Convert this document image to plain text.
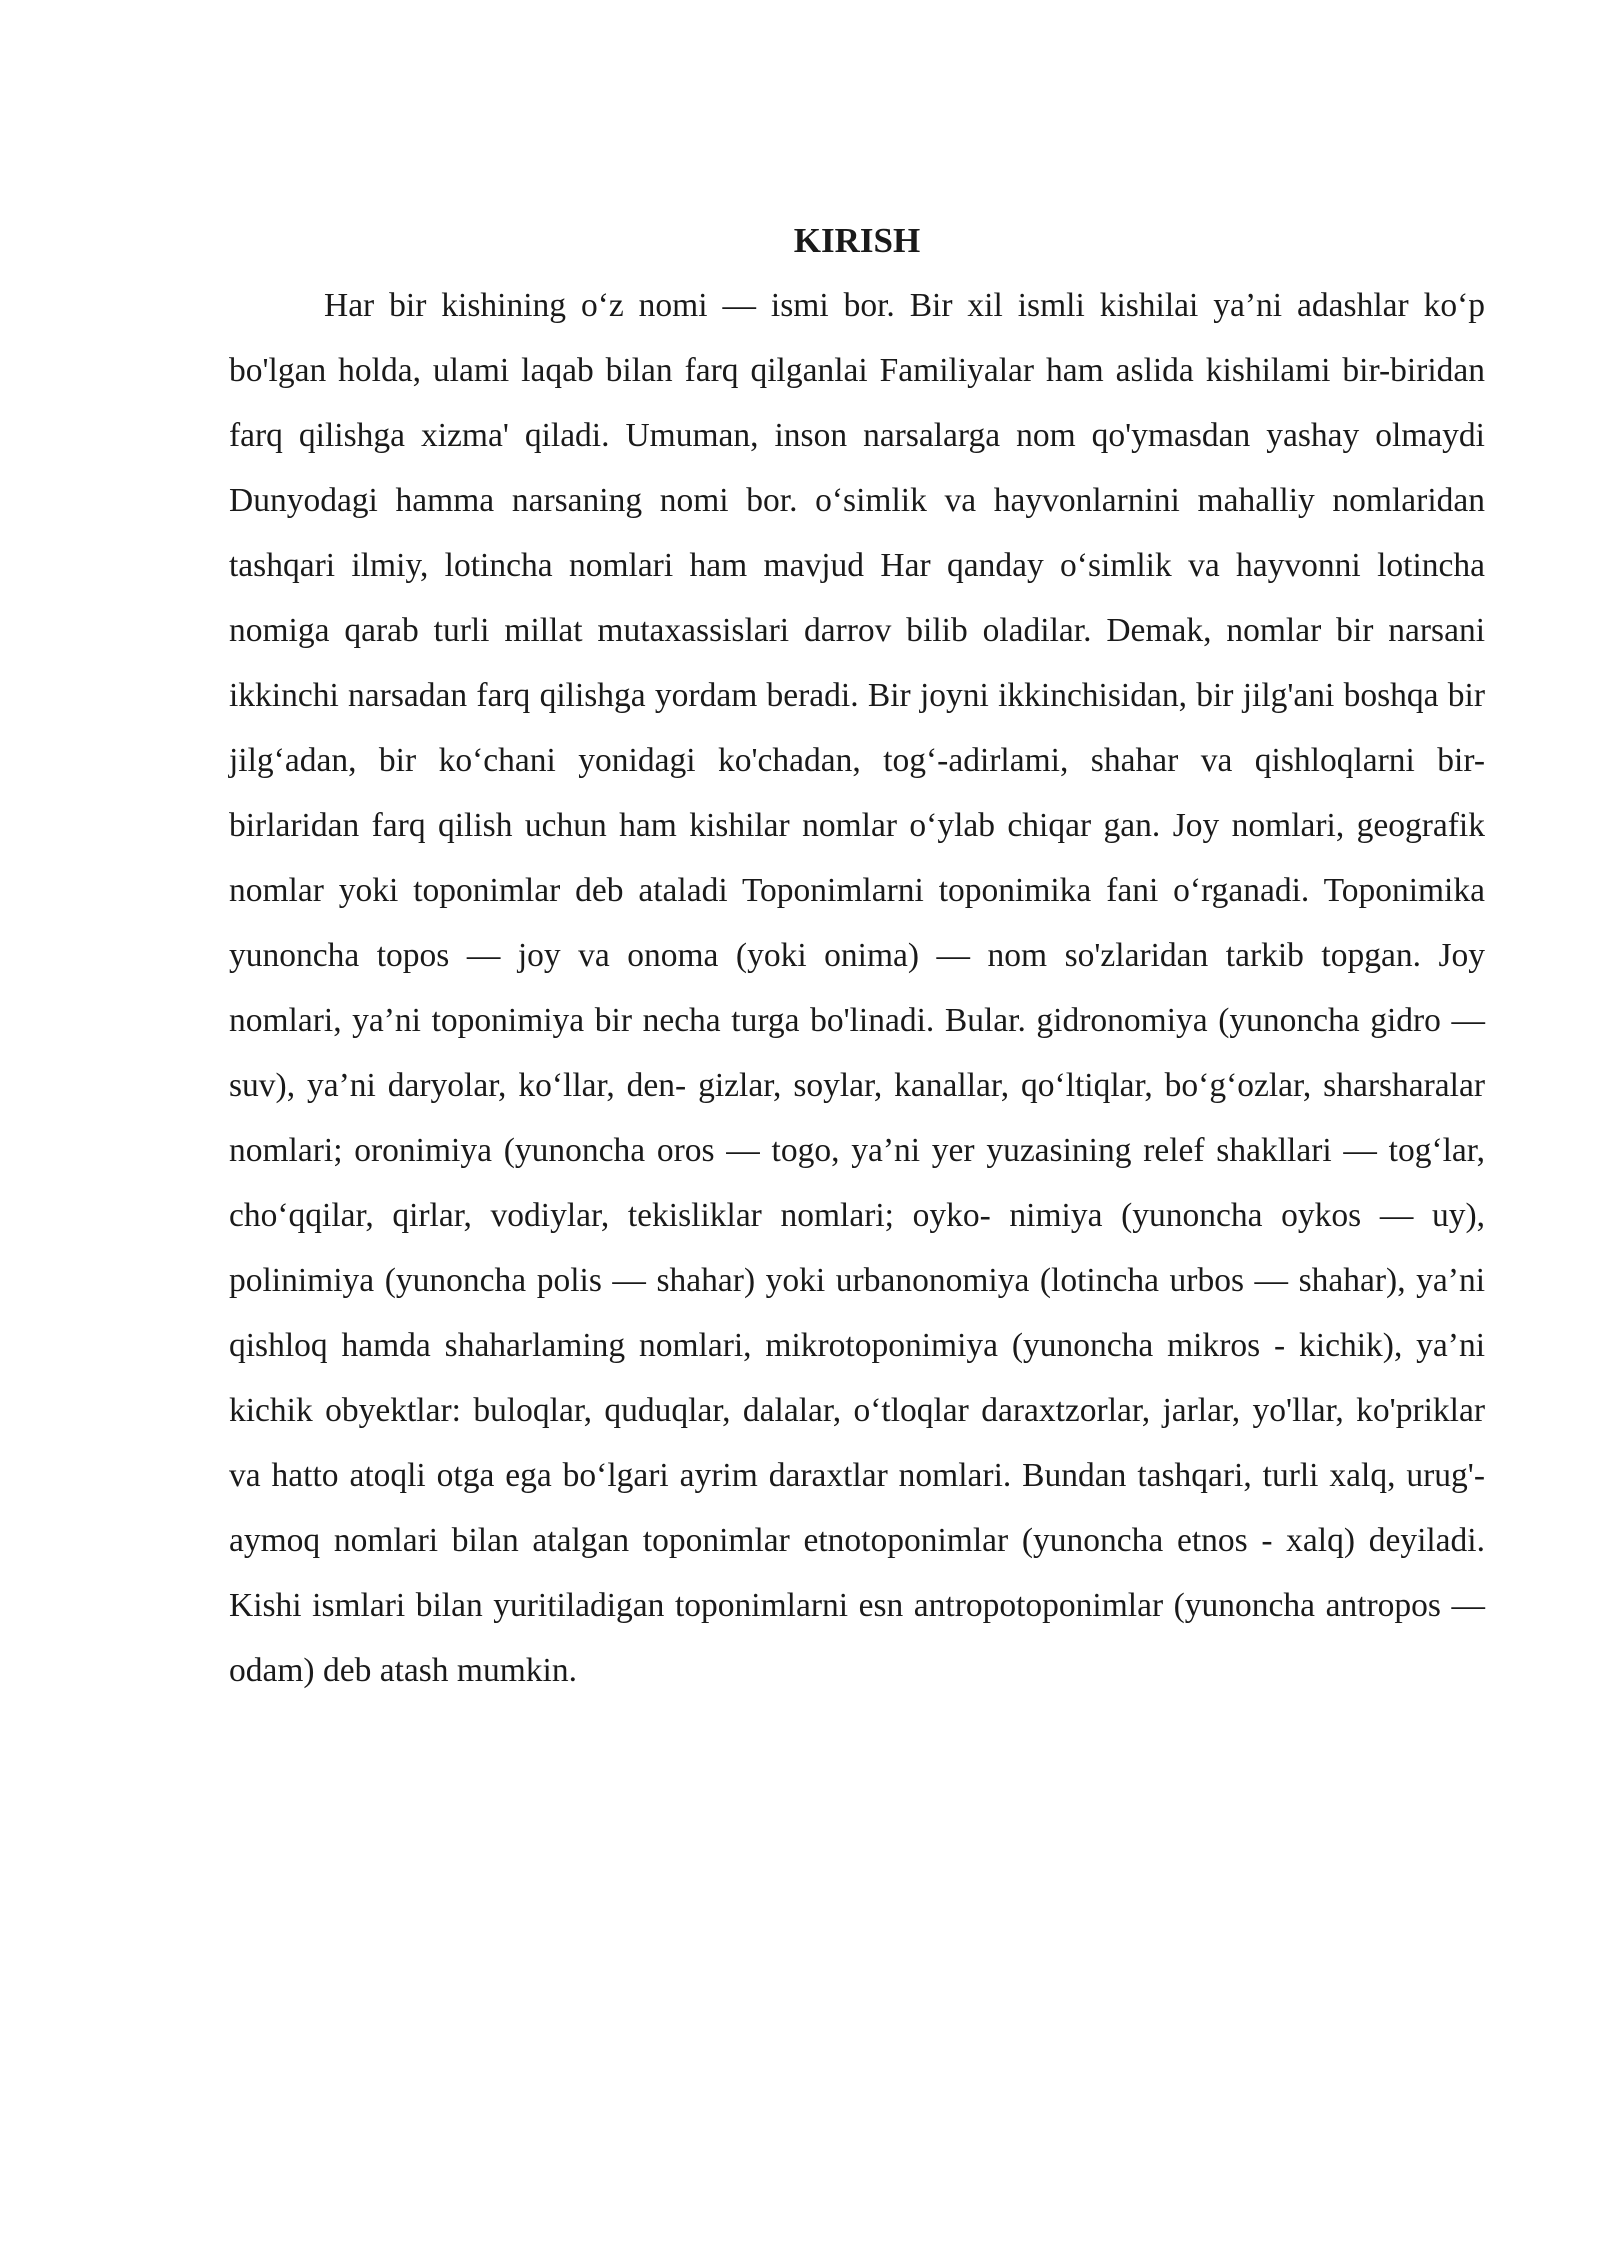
KIRISH

Har bir kishining o‘z nomi — ismi bor. Bir xil ismli kishilai ya’ni adashlar ko‘p bo'lgan holda, ulami laqab bilan farq qilganlai Familiyalar ham aslida kishilami bir-biridan farq qilishga xizma' qiladi. Umuman, inson narsalarga nom qo'ymasdan yashay olmaydi Dunyodagi hamma narsaning nomi bor. o‘simlik va hayvonlarnini mahalliy nomlaridan tashqari ilmiy, lotincha nomlari ham mavjud Har qanday o‘simlik va hayvonni lotincha nomiga qarab turli millat mutaxassislari darrov bilib oladilar. Demak, nomlar bir narsani ikkinchi narsadan farq qilishga yordam beradi. Bir joyni ikkinchisidan, bir jilg'ani boshqa bir jilg‘adan, bir ko‘chani yonidagi ko'chadan, tog‘-adirlami, shahar va qishloqlarni bir-birlaridan farq qilish uchun ham kishilar nomlar o‘ylab chiqar gan. Joy nomlari, geografik nomlar yoki toponimlar deb ataladi Toponimlarni toponimika fani o‘rganadi. Toponimika yunoncha topos — joy va onoma (yoki onima) — nom so'zlaridan tarkib topgan. Joy nomlari, ya’ni toponimiya bir necha turga bo'linadi. Bular. gidronomiya (yunoncha gidro — suv), ya’ni daryolar, ko‘llar, den- gizlar, soylar, kanallar, qo‘ltiqlar, bo‘g‘ozlar, sharsharalar nomlari; oronimiya (yunoncha oros — togo, ya’ni yer yuzasining relef shakllari — tog‘lar, cho‘qqilar, qirlar, vodiylar, tekisliklar nomlari; oyko- nimiya (yunoncha oykos — uy), polinimiya (yunoncha polis — shahar) yoki urbanonomiya (lotincha urbos — shahar), ya’ni qishloq hamda shaharlaming nomlari, mikrotoponimiya (yunoncha mikros - kichik), ya’ni kichik obyektlar: buloqlar, quduqlar, dalalar, o‘tloqlar daraxtzorlar, jarlar, yo'llar, ko'priklar va hatto atoqli otga ega bo‘lgari ayrim daraxtlar nomlari. Bundan tashqari, turli xalq, urug'-aymoq nomlari bilan atalgan toponimlar etnotoponimlar (yunoncha etnos - xalq) deyiladi. Kishi ismlari bilan yuritiladigan toponimlarni esn antropotoponimlar (yunoncha antropos — odam) deb atash mumkin.
